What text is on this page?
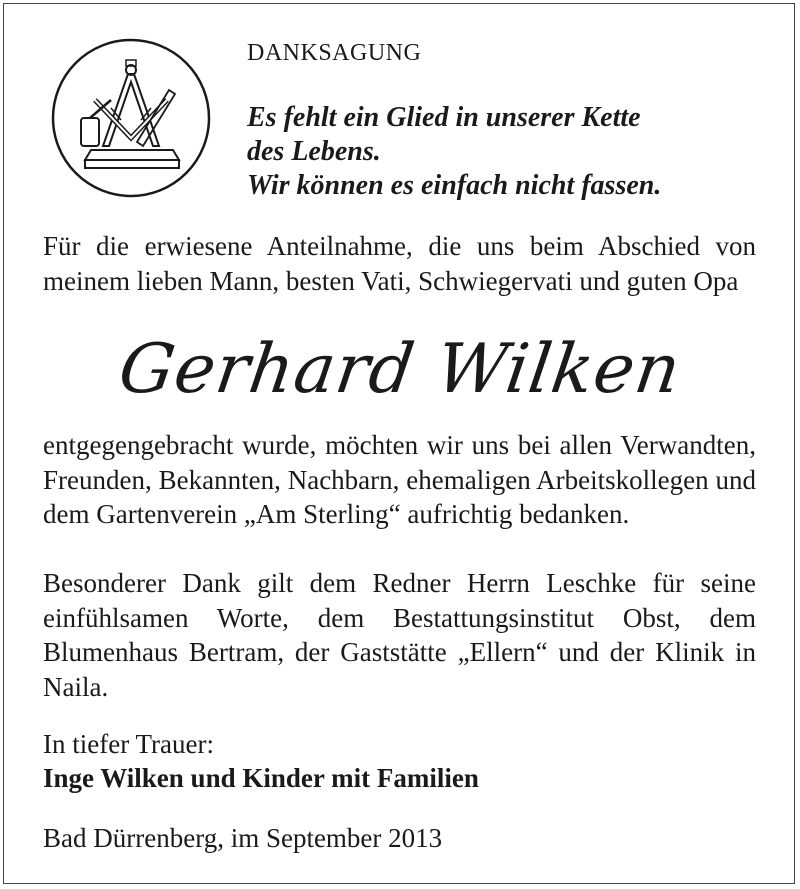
DANKSAGUNG
Es fehlt ein Glied in unserer Kette
des Lebens.
Wir können es einfach nicht fassen.

Für die erwiesene Anteilnahme, die uns beim Abschied von meinem lieben Mann, besten Vati, Schwiegervati und guten Opa

Gerhard Wilken

entgegengebracht wurde, möchten wir uns bei allen Verwandten, Freunden, Bekannten, Nachbarn, ehemaligen Arbeitskollegen und dem Gartenverein „Am Sterling“ aufrichtig bedanken.

Besonderer Dank gilt dem Redner Herrn Leschke für seine einfühlsamen Worte, dem Bestattungsinstitut Obst, dem Blumenhaus Bertram, der Gaststätte „Ellern“ und der Klinik in Naila.

In tiefer Trauer:
Inge Wilken und Kinder mit Familien
Bad Dürrenberg, im September 2013
